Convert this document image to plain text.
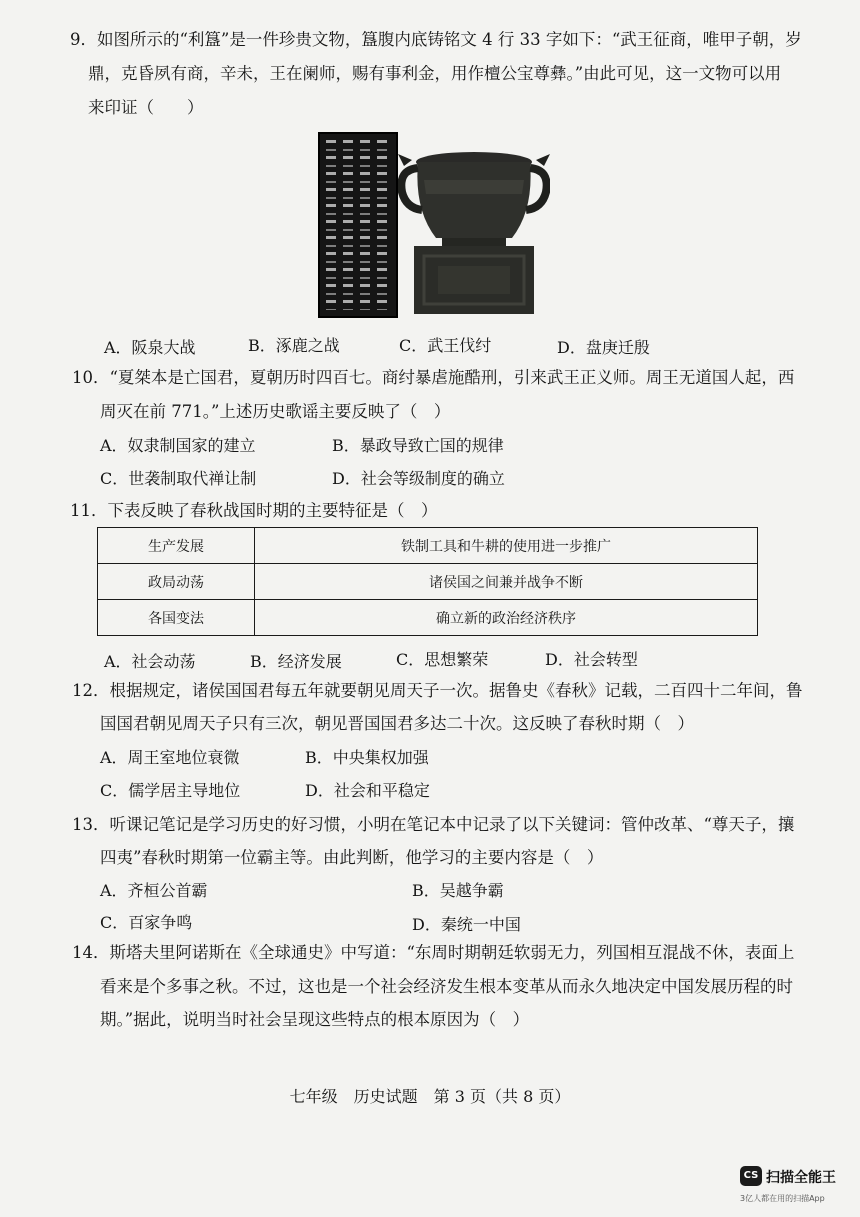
9．如图所示的“利簋”是一件珍贵文物，簋腹内底铸铭文 4 行 33 字如下：“武王征商，唯甲子朝，岁
鼎，克昏夙有商，辛未，王在阑师，赐有事利金，用作檀公宝尊彝。”由此可见，这一文物可以用
来印证（　　）
A．阪泉大战	B．涿鹿之战	C．武王伐纣	D．盘庚迁殷
10．“夏桀本是亡国君，夏朝历时四百七。商纣暴虐施酷刑，引来武王正义师。周王无道国人起，西
周灭在前 771。”上述历史歌谣主要反映了（　）
A．奴隶制国家的建立	B．暴政导致亡国的规律
C．世袭制取代禅让制	D．社会等级制度的确立
11．下表反映了春秋战国时期的主要特征是（　）
生产发展	铁制工具和牛耕的使用进一步推广
政局动荡	诸侯国之间兼并战争不断
各国变法	确立新的政治经济秩序
A．社会动荡	B．经济发展	C．思想繁荣	D．社会转型
12．根据规定，诸侯国国君每五年就要朝见周天子一次。据鲁史《春秋》记载，二百四十二年间，鲁
国国君朝见周天子只有三次，朝见晋国国君多达二十次。这反映了春秋时期（　）
A．周王室地位衰微	B．中央集权加强
C．儒学居主导地位	D．社会和平稳定
13．听课记笔记是学习历史的好习惯，小明在笔记本中记录了以下关键词：管仲改革、“尊天子，攘
四夷”春秋时期第一位霸主等。由此判断，他学习的主要内容是（　）
A．齐桓公首霸	B．吴越争霸
C．百家争鸣	D．秦统一中国
14．斯塔夫里阿诺斯在《全球通史》中写道：“东周时期朝廷软弱无力，列国相互混战不休，表面上
看来是个多事之秋。不过，这也是一个社会经济发生根本变革从而永久地决定中国发展历程的时
期。”据此，说明当时社会呈现这些特点的根本原因为（　）
七年级　历史试题　第 3 页（共 8 页）
CS 扫描全能王
3亿人都在用的扫描App
